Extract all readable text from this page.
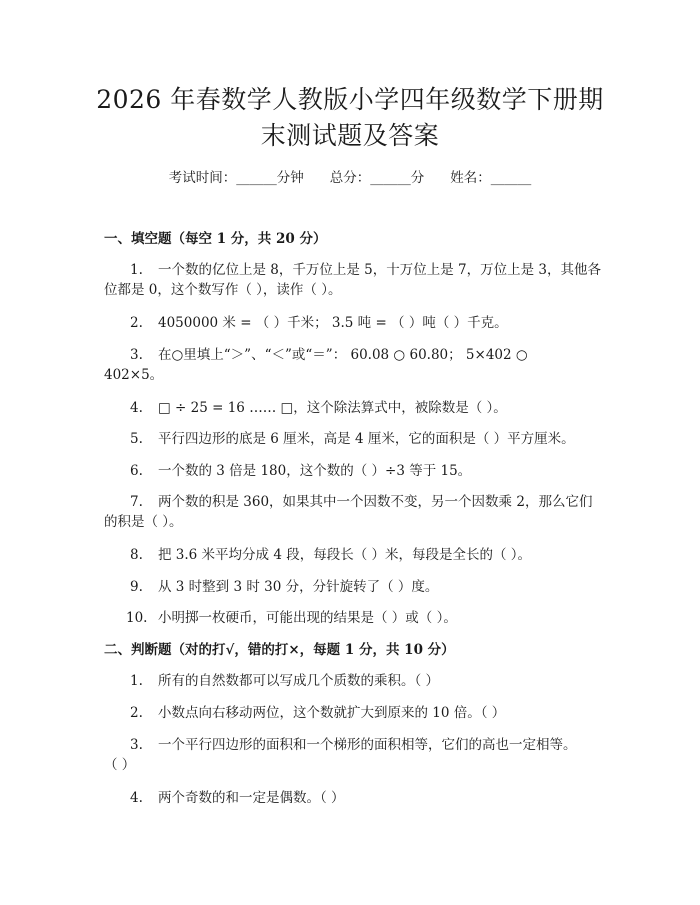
2026 年春数学人教版小学四年级数学下册期
末测试题及答案
考试时间：______分钟 总分：______分 姓名：______
一、填空题（每空 1 分，共 20 分）
1. 一个数的亿位上是 8，千万位上是 5，十万位上是 7，万位上是 3，其他各
位都是 0，这个数写作（ ），读作（ ）。
2. 4050000 米 = （ ）千米； 3.5 吨 = （ ）吨（ ）千克。
3. 在○里填上“＞”、“＜”或“＝”： 60.08 ○ 60.80； 5×402 ○
402×5。
4. □ ÷ 25 = 16 …… □，这个除法算式中，被除数是（ ）。
5. 平行四边形的底是 6 厘米，高是 4 厘米，它的面积是（ ）平方厘米。
6. 一个数的 3 倍是 180，这个数的（ ）÷3 等于 15。
7. 两个数的积是 360，如果其中一个因数不变，另一个因数乘 2，那么它们
的积是（ ）。
8. 把 3.6 米平均分成 4 段，每段长（ ）米，每段是全长的（ ）。
9. 从 3 时整到 3 时 30 分，分针旋转了（ ）度。
10. 小明掷一枚硬币，可能出现的结果是（ ）或（ ）。
二、判断题（对的打√，错的打×，每题 1 分，共 10 分）
1. 所有的自然数都可以写成几个质数的乘积。（ ）
2. 小数点向右移动两位，这个数就扩大到原来的 10 倍。（ ）
3. 一个平行四边形的面积和一个梯形的面积相等，它们的高也一定相等。
（ ）
4. 两个奇数的和一定是偶数。（ ）
